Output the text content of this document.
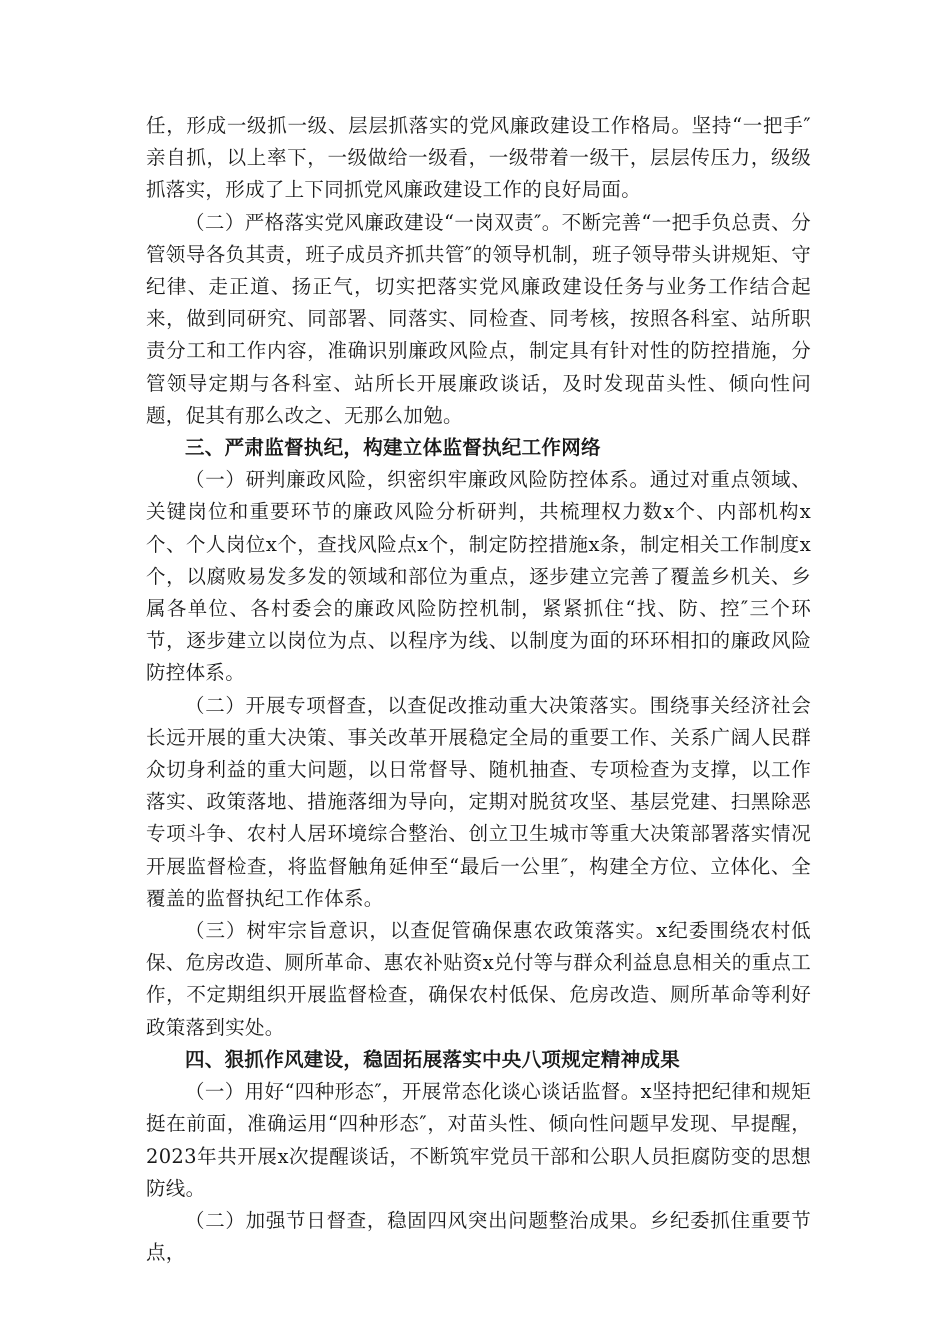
任，形成一级抓一级、层层抓落实的党风廉政建设工作格局。坚持“一把手″亲自抓，以上率下，一级做给一级看，一级带着一级干，层层传压力，级级抓落实，形成了上下同抓党风廉政建设工作的良好局面。

（二）严格落实党风廉政建设“一岗双责″。不断完善“一把手负总责、分管领导各负其责，班子成员齐抓共管″的领导机制，班子领导带头讲规矩、守纪律、走正道、扬正气，切实把落实党风廉政建设任务与业务工作结合起来，做到同研究、同部署、同落实、同检查、同考核，按照各科室、站所职责分工和工作内容，准确识别廉政风险点，制定具有针对性的防控措施，分管领导定期与各科室、站所长开展廉政谈话，及时发现苗头性、倾向性问题，促其有那么改之、无那么加勉。

三、严肃监督执纪，构建立体监督执纪工作网络

（一）研判廉政风险，织密织牢廉政风险防控体系。通过对重点领域、关键岗位和重要环节的廉政风险分析研判，共梳理权力数x个、内部机构x个、个人岗位x个，查找风险点x个，制定防控措施x条，制定相关工作制度x个，以腐败易发多发的领域和部位为重点，逐步建立完善了覆盖乡机关、乡属各单位、各村委会的廉政风险防控机制，紧紧抓住“找、防、控″三个环节，逐步建立以岗位为点、以程序为线、以制度为面的环环相扣的廉政风险防控体系。

（二）开展专项督查，以查促改推动重大决策落实。围绕事关经济社会长远开展的重大决策、事关改革开展稳定全局的重要工作、关系广阔人民群众切身利益的重大问题，以日常督导、随机抽查、专项检查为支撑，以工作落实、政策落地、措施落细为导向，定期对脱贫攻坚、基层党建、扫黑除恶专项斗争、农村人居环境综合整治、创立卫生城市等重大决策部署落实情况开展监督检查，将监督触角延伸至“最后一公里″，构建全方位、立体化、全覆盖的监督执纪工作体系。

（三）树牢宗旨意识，以查促管确保惠农政策落实。x纪委围绕农村低保、危房改造、厕所革命、惠农补贴资x兑付等与群众利益息息相关的重点工作，不定期组织开展监督检查，确保农村低保、危房改造、厕所革命等利好政策落到实处。

四、狠抓作风建设，稳固拓展落实中央八项规定精神成果

（一）用好“四种形态″，开展常态化谈心谈话监督。x坚持把纪律和规矩挺在前面，准确运用“四种形态″，对苗头性、倾向性问题早发现、早提醒，2023年共开展x次提醒谈话，不断筑牢党员干部和公职人员拒腐防变的思想防线。

（二）加强节日督查，稳固四风突出问题整治成果。乡纪委抓住重要节点，
